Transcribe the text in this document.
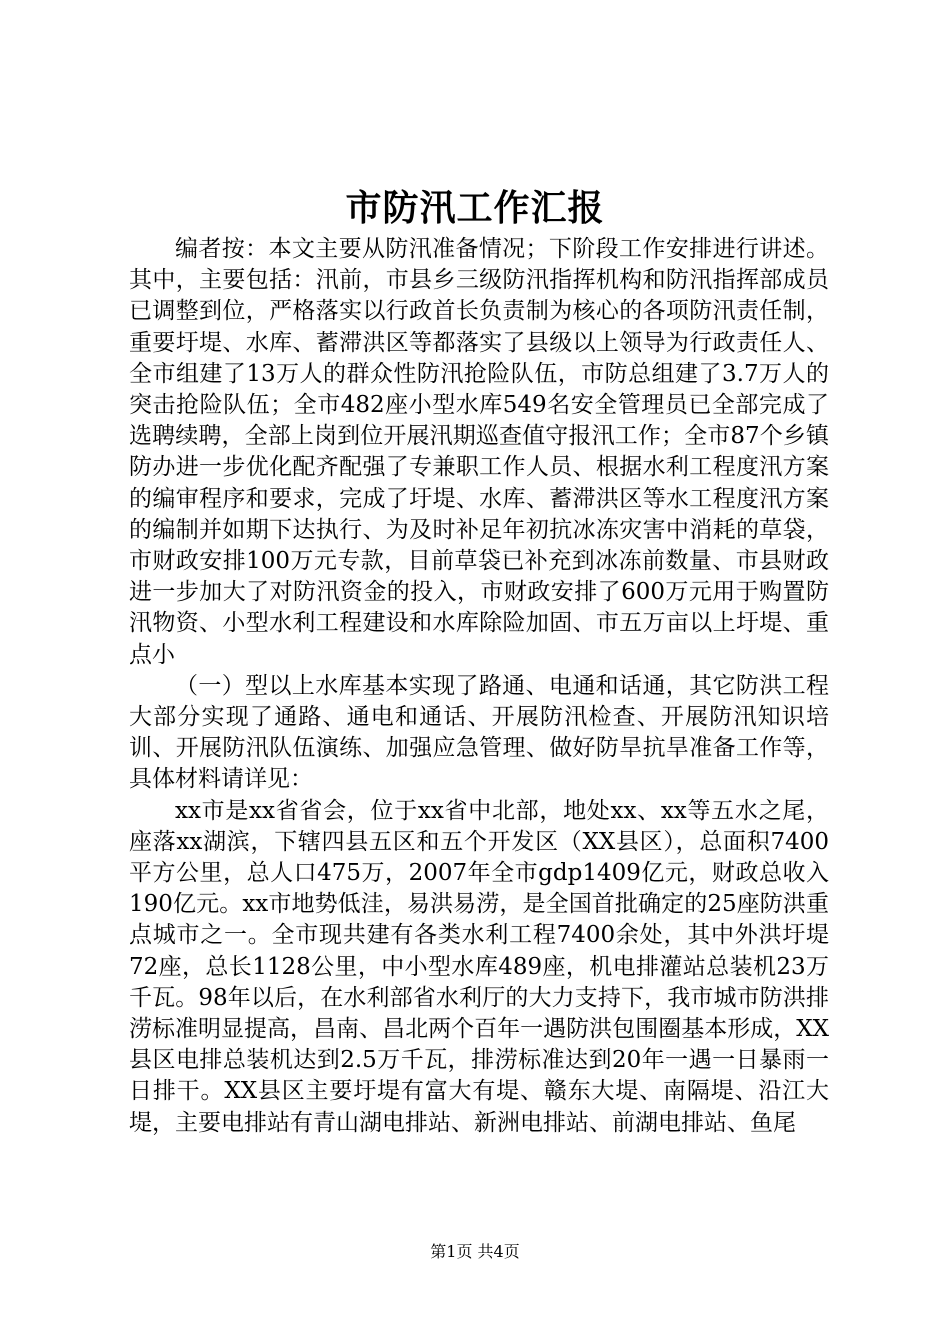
市防汛工作汇报

编者按：本文主要从防汛准备情况；下阶段工作安排进行讲述。其中，主要包括：汛前，市县乡三级防汛指挥机构和防汛指挥部成员已调整到位，严格落实以行政首长负责制为核心的各项防汛责任制，重要圩堤、水库、蓄滞洪区等都落实了县级以上领导为行政责任人、全市组建了13万人的群众性防汛抢险队伍，市防总组建了3.7万人的突击抢险队伍；全市482座小型水库549名安全管理员已全部完成了选聘续聘，全部上岗到位开展汛期巡查值守报汛工作；全市87个乡镇防办进一步优化配齐配强了专兼职工作人员、根据水利工程度汛方案的编审程序和要求，完成了圩堤、水库、蓄滞洪区等水工程度汛方案的编制并如期下达执行、为及时补足年初抗冰冻灾害中消耗的草袋，市财政安排100万元专款，目前草袋已补充到冰冻前数量、市县财政进一步加大了对防汛资金的投入，市财政安排了600万元用于购置防汛物资、小型水利工程建设和水库除险加固、市五万亩以上圩堤、重点小

（一）型以上水库基本实现了路通、电通和话通，其它防洪工程大部分实现了通路、通电和通话、开展防汛检查、开展防汛知识培训、开展防汛队伍演练、加强应急管理、做好防旱抗旱准备工作等，具体材料请详见：

xx市是xx省省会，位于xx省中北部，地处xx、xx等五水之尾，座落xx湖滨，下辖四县五区和五个开发区（XX县区），总面积7400平方公里，总人口475万，2007年全市gdp1409亿元，财政总收入190亿元。xx市地势低洼，易洪易涝，是全国首批确定的25座防洪重点城市之一。全市现共建有各类水利工程7400余处，其中外洪圩堤72座，总长1128公里，中小型水库489座，机电排灌站总装机23万千瓦。98年以后，在水利部省水利厅的大力支持下，我市城市防洪排涝标准明显提高，昌南、昌北两个百年一遇防洪包围圈基本形成，XX县区电排总装机达到2.5万千瓦，排涝标准达到20年一遇一日暴雨一日排干。XX县区主要圩堤有富大有堤、赣东大堤、南隔堤、沿江大堤，主要电排站有青山湖电排站、新洲电排站、前湖电排站、鱼尾

第1页 共4页
